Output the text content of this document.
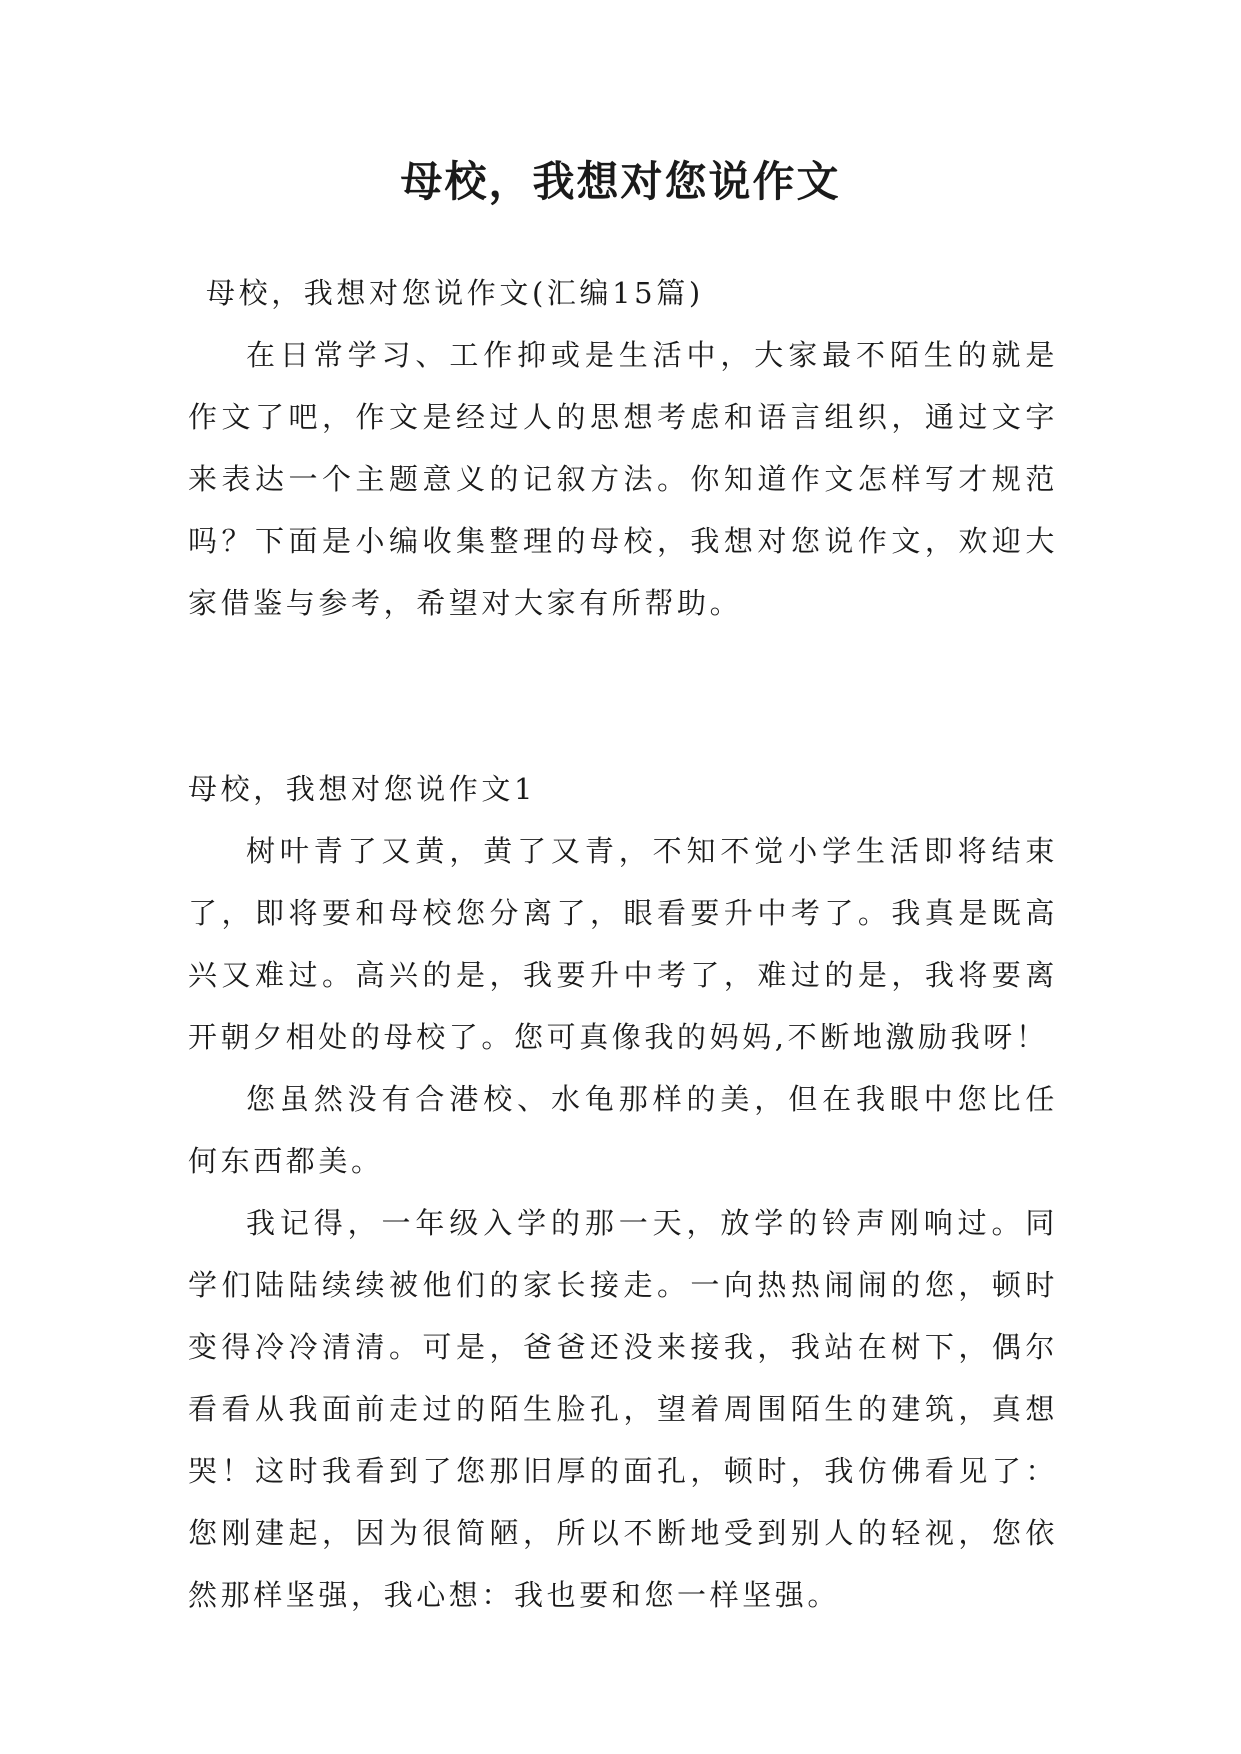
母校，我想对您说作文

母校，我想对您说作文(汇编15篇)

在日常学习、工作抑或是生活中，大家最不陌生的就是作文了吧，作文是经过人的思想考虑和语言组织，通过文字来表达一个主题意义的记叙方法。你知道作文怎样写才规范吗？下面是小编收集整理的母校，我想对您说作文，欢迎大家借鉴与参考，希望对大家有所帮助。

母校，我想对您说作文1

树叶青了又黄，黄了又青，不知不觉小学生活即将结束了，即将要和母校您分离了，眼看要升中考了。我真是既高兴又难过。高兴的是，我要升中考了，难过的是，我将要离开朝夕相处的母校了。您可真像我的妈妈,不断地激励我呀！

您虽然没有合港校、水龟那样的美，但在我眼中您比任何东西都美。

我记得，一年级入学的那一天，放学的铃声刚响过。同学们陆陆续续被他们的家长接走。一向热热闹闹的您，顿时变得冷冷清清。可是，爸爸还没来接我，我站在树下，偶尔看看从我面前走过的陌生脸孔，望着周围陌生的建筑，真想哭！这时我看到了您那旧厚的面孔，顿时，我仿佛看见了：您刚建起，因为很简陋，所以不断地受到别人的轻视，您依然那样坚强，我心想：我也要和您一样坚强。
